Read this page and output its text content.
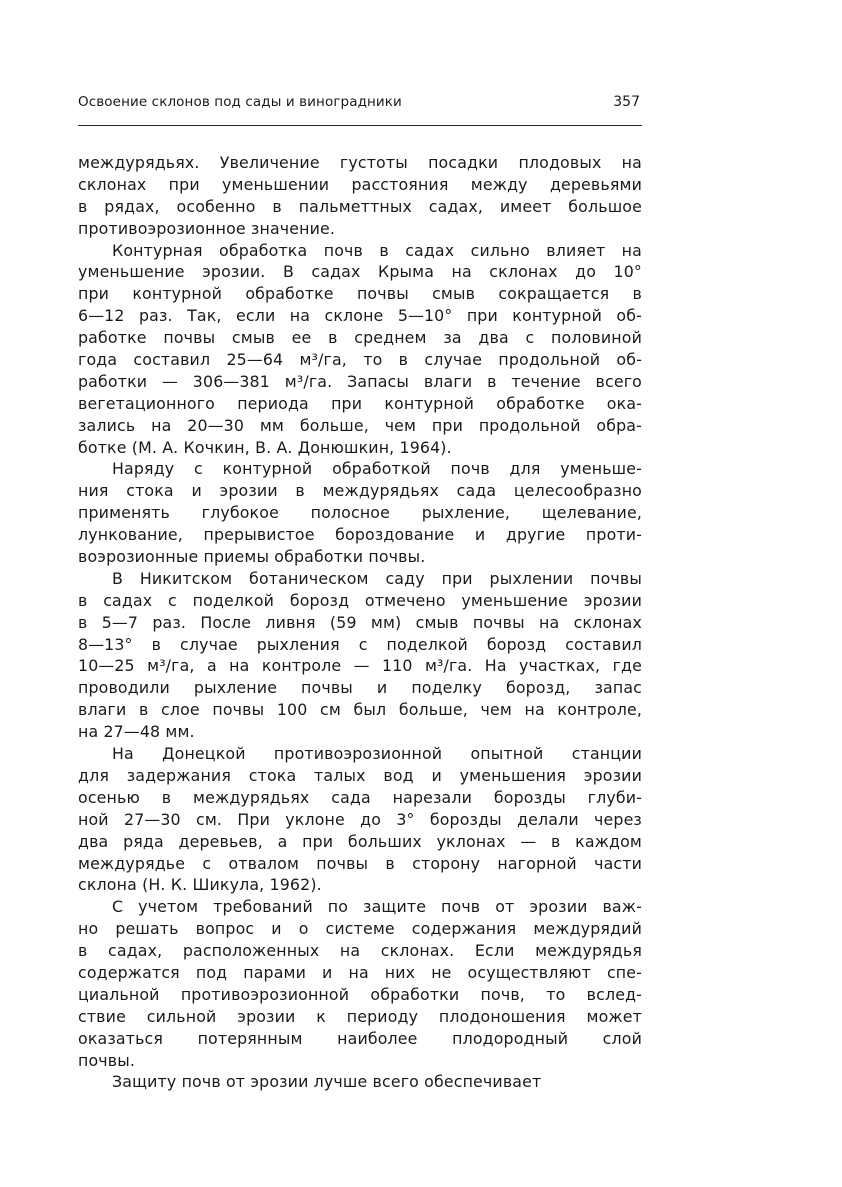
Освоение склонов под сады и виноградники	357
междурядьях. Увеличение густоты посадки плодовых на
склонах при уменьшении расстояния между деревьями
в рядах, особенно в пальметтных садах, имеет большое
противоэрозионное значение.
Контурная обработка почв в садах сильно влияет на
уменьшение эрозии. В садах Крыма на склонах до 10°
при контурной обработке почвы смыв сокращается в
6—12 раз. Так, если на склоне 5—10° при контурной об-
работке почвы смыв ее в среднем за два с половиной
года составил 25—64 м³/га, то в случае продольной об-
работки — 306—381 м³/га. Запасы влаги в течение всего
вегетационного периода при контурной обработке ока-
зались на 20—30 мм больше, чем при продольной обра-
ботке (М. А. Кочкин, В. А. Донюшкин, 1964).
Наряду с контурной обработкой почв для уменьше-
ния стока и эрозии в междурядьях сада целесообразно
применять глубокое полосное рыхление, щелевание,
лункование, прерывистое бороздование и другие проти-
воэрозионные приемы обработки почвы.
В Никитском ботаническом саду при рыхлении почвы
в садах с поделкой борозд отмечено уменьшение эрозии
в 5—7 раз. После ливня (59 мм) смыв почвы на склонах
8—13° в случае рыхления с поделкой борозд составил
10—25 м³/га, а на контроле — 110 м³/га. На участках, где
проводили рыхление почвы и поделку борозд, запас
влаги в слое почвы 100 см был больше, чем на контроле,
на 27—48 мм.
На Донецкой противоэрозионной опытной станции
для задержания стока талых вод и уменьшения эрозии
осенью в междурядьях сада нарезали борозды глуби-
ной 27—30 см. При уклоне до 3° борозды делали через
два ряда деревьев, а при больших уклонах — в каждом
междурядье с отвалом почвы в сторону нагорной части
склона (Н. К. Шикула, 1962).
С учетом требований по защите почв от эрозии важ-
но решать вопрос и о системе содержания междурядий
в садах, расположенных на склонах. Если междурядья
содержатся под парами и на них не осуществляют спе-
циальной противоэрозионной обработки почв, то вслед-
ствие сильной эрозии к периоду плодоношения может
оказаться потерянным наиболее плодородный слой
почвы.
Защиту почв от эрозии лучше всего обеспечивает
